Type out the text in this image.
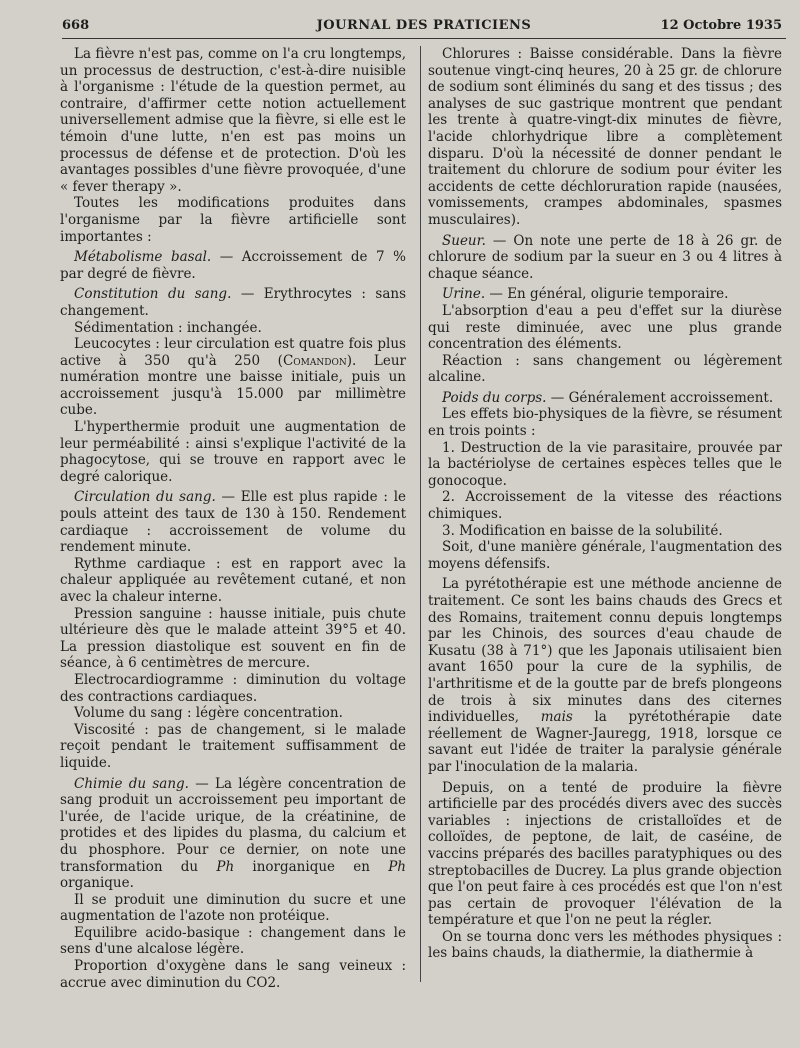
668	JOURNAL DES PRATICIENS	12 Octobre 1935

La fièvre n'est pas, comme on l'a cru longtemps, un processus de destruction, c'est-à-dire nuisible à l'organisme : l'étude de la question permet, au contraire, d'affirmer cette notion actuellement universellement admise que la fièvre, si elle est le témoin d'une lutte, n'en est pas moins un processus de défense et de protection. D'où les avantages possibles d'une fièvre provoquée, d'une « fever therapy ».

Toutes les modifications produites dans l'organisme par la fièvre artificielle sont importantes :

Métabolisme basal. — Accroissement de 7 % par degré de fièvre.

Constitution du sang. — Erythrocytes : sans changement.

Sédimentation : inchangée.

Leucocytes : leur circulation est quatre fois plus active à 350 qu'à 250 (Comandon). Leur numération montre une baisse initiale, puis un accroissement jusqu'à 15.000 par millimètre cube.

L'hyperthermie produit une augmentation de leur perméabilité : ainsi s'explique l'activité de la phagocytose, qui se trouve en rapport avec le degré calorique.

Circulation du sang. — Elle est plus rapide : le pouls atteint des taux de 130 à 150. Rendement cardiaque : accroissement de volume du rendement minute.

Rythme cardiaque : est en rapport avec la chaleur appliquée au revêtement cutané, et non avec la chaleur interne.

Pression sanguine : hausse initiale, puis chute ultérieure dès que le malade atteint 39°5 et 40. La pression diastolique est souvent en fin de séance, à 6 centimètres de mercure.

Electrocardiogramme : diminution du voltage des contractions cardiaques.

Volume du sang : légère concentration.

Viscosité : pas de changement, si le malade reçoit pendant le traitement suffisamment de liquide.

Chimie du sang. — La légère concentration de sang produit un accroissement peu important de l'urée, de l'acide urique, de la créatinine, de protides et des lipides du plasma, du calcium et du phosphore. Pour ce dernier, on note une transformation du Ph inorganique en Ph organique.

Il se produit une diminution du sucre et une augmentation de l'azote non protéique.

Equilibre acido-basique : changement dans le sens d'une alcalose légère.

Proportion d'oxygène dans le sang veineux : accrue avec diminution du CO2.

Chlorures : Baisse considérable. Dans la fièvre soutenue vingt-cinq heures, 20 à 25 gr. de chlorure de sodium sont éliminés du sang et des tissus ; des analyses de suc gastrique montrent que pendant les trente à quatre-vingt-dix minutes de fièvre, l'acide chlorhydrique libre a complètement disparu. D'où la nécessité de donner pendant le traitement du chlorure de sodium pour éviter les accidents de cette déchloruration rapide (nausées, vomissements, crampes abdominales, spasmes musculaires).

Sueur. — On note une perte de 18 à 26 gr. de chlorure de sodium par la sueur en 3 ou 4 litres à chaque séance.

Urine. — En général, oligurie temporaire.

L'absorption d'eau a peu d'effet sur la diurèse qui reste diminuée, avec une plus grande concentration des éléments.

Réaction : sans changement ou légèrement alcaline.

Poids du corps. — Généralement accroissement.

Les effets bio-physiques de la fièvre, se résument en trois points :

1. Destruction de la vie parasitaire, prouvée par la bactériolyse de certaines espèces telles que le gonocoque.

2. Accroissement de la vitesse des réactions chimiques.

3. Modification en baisse de la solubilité.

Soit, d'une manière générale, l'augmentation des moyens défensifs.

La pyrétothérapie est une méthode ancienne de traitement. Ce sont les bains chauds des Grecs et des Romains, traitement connu depuis longtemps par les Chinois, des sources d'eau chaude de Kusatu (38 à 71°) que les Japonais utilisaient bien avant 1650 pour la cure de la syphilis, de l'arthritisme et de la goutte par de brefs plongeons de trois à six minutes dans des citernes individuelles, mais la pyrétothérapie date réellement de Wagner-Jauregg, 1918, lorsque ce savant eut l'idée de traiter la paralysie générale par l'inoculation de la malaria.

Depuis, on a tenté de produire la fièvre artificielle par des procédés divers avec des succès variables : injections de cristalloïdes et de colloïdes, de peptone, de lait, de caséine, de vaccins préparés des bacilles paratyphiques ou des streptobacilles de Ducrey. La plus grande objection que l'on peut faire à ces procédés est que l'on n'est pas certain de provoquer l'élévation de la température et que l'on ne peut la régler.

On se tourna donc vers les méthodes physiques : les bains chauds, la diathermie, la diathermie à
